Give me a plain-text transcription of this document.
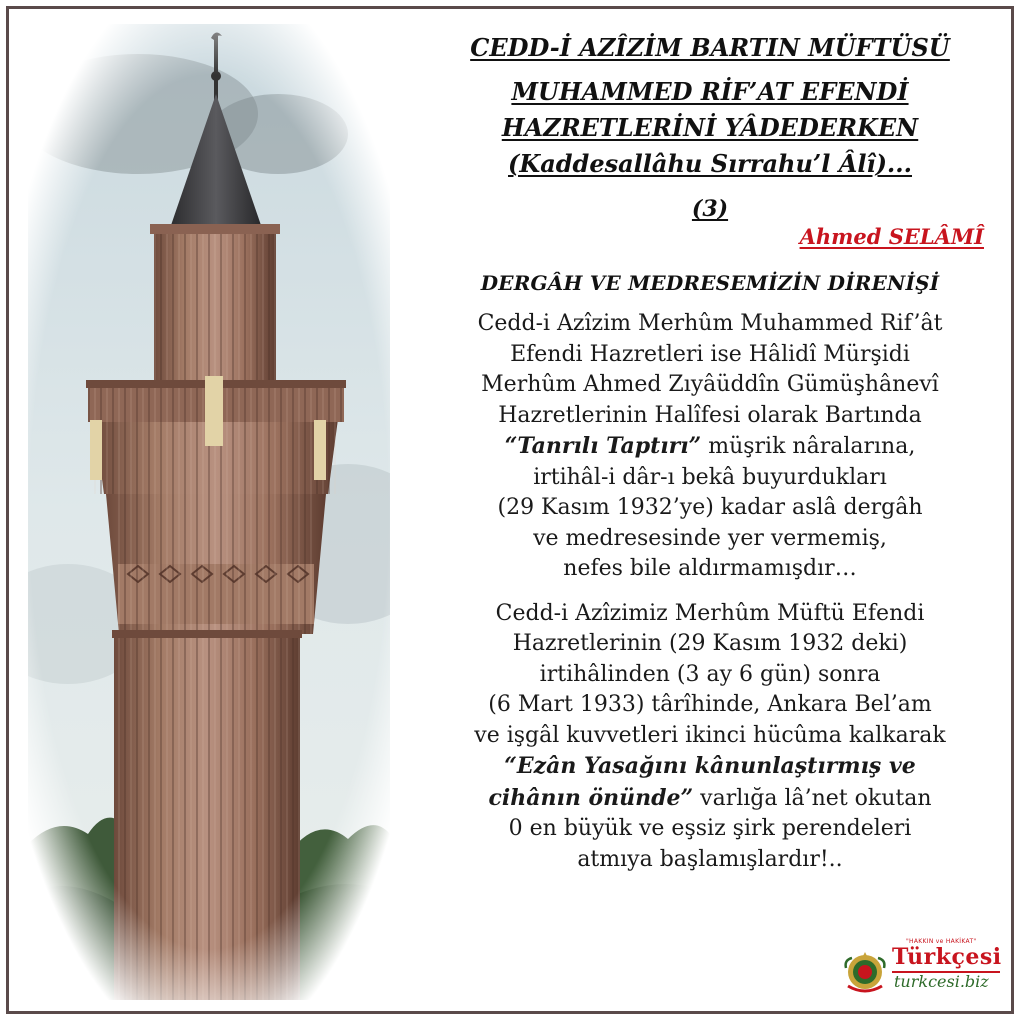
CEDD-İ AZÎZİM BARTIN MÜFTÜSÜ
MUHAMMED RİF’AT EFENDİ
HAZRETLERİNİ YÂDEDERKEN
(Kaddesallâhu Sırrahu’l Âlî)...
(3)
Ahmed SELÂMÎ
DERGÂH VE MEDRESEMİZİN DİRENİŞİ
Cedd-i Azîzim Merhûm Muhammed Rif’ât
Efendi Hazretleri ise Hâlidî Mürşidi
Merhûm Ahmed Zıyâüddîn Gümüşhânevî
Hazretlerinin Halîfesi olarak Bartında
“Tanrılı Taptırı” müşrik nâralarına,
irtihâl-i dâr-ı bekâ buyurdukları
(29 Kasım 1932’ye) kadar aslâ dergâh
ve medresesinde yer vermemiş,
nefes bile aldırmamışdır…
Cedd-i Azîzimiz Merhûm Müftü Efendi
Hazretlerinin (29 Kasım 1932 deki)
irtihâlinden (3 ay 6 gün) sonra
(6 Mart 1933) târîhinde, Ankara Bel’am
ve işgâl kuvvetleri ikinci hücûma kalkarak
“Ezân Yasağını kânunlaştırmış ve
cihânın önünde” varlığa lâ’net okutan
0 en büyük ve eşsiz şirk perendeleri
atmıya başlamışlardır!..
"HAKKIN ve HAKİKAT"
Türkçesi
turkcesi.biz
